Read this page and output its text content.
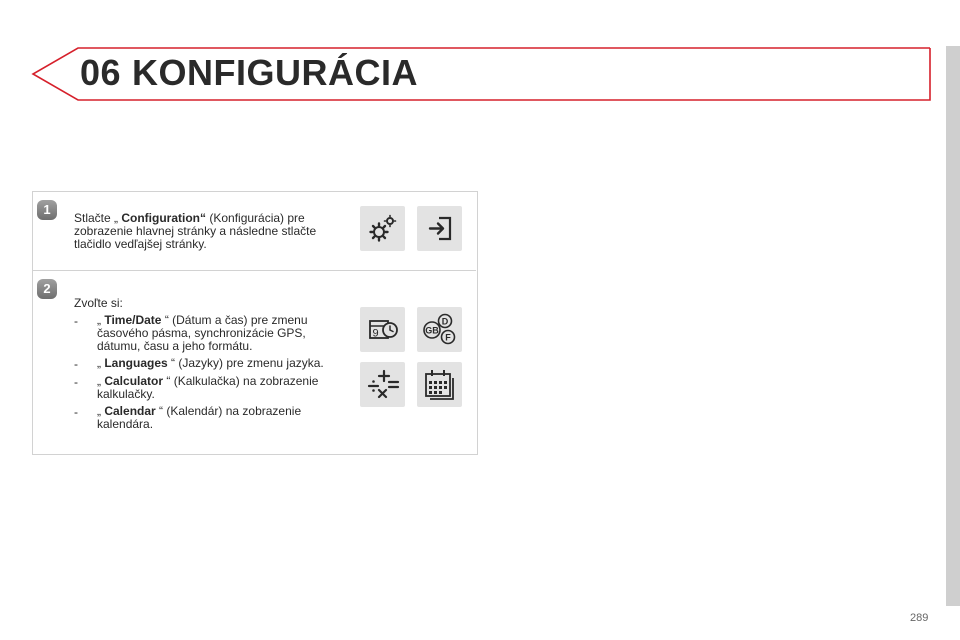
06 KONFIGURÁCIA
1
Stlačte „ Configuration“ (Konfigurácia) pre
zobrazenie hlavnej stránky a následne stlačte
tlačidlo vedľajšej stránky.
2
Zvoľte si:
- „ Time/Date “ (Dátum a čas) pre zmenu
časového pásma, synchronizácie GPS,
dátumu, času a jeho formátu.
- „ Languages “ (Jazyky) pre zmenu jazyka.
- „ Calculator “ (Kalkulačka) na zobrazenie
kalkulačky.
- „ Calendar “ (Kalendár) na zobrazenie
kalendára.
9
D
F
GB
289
